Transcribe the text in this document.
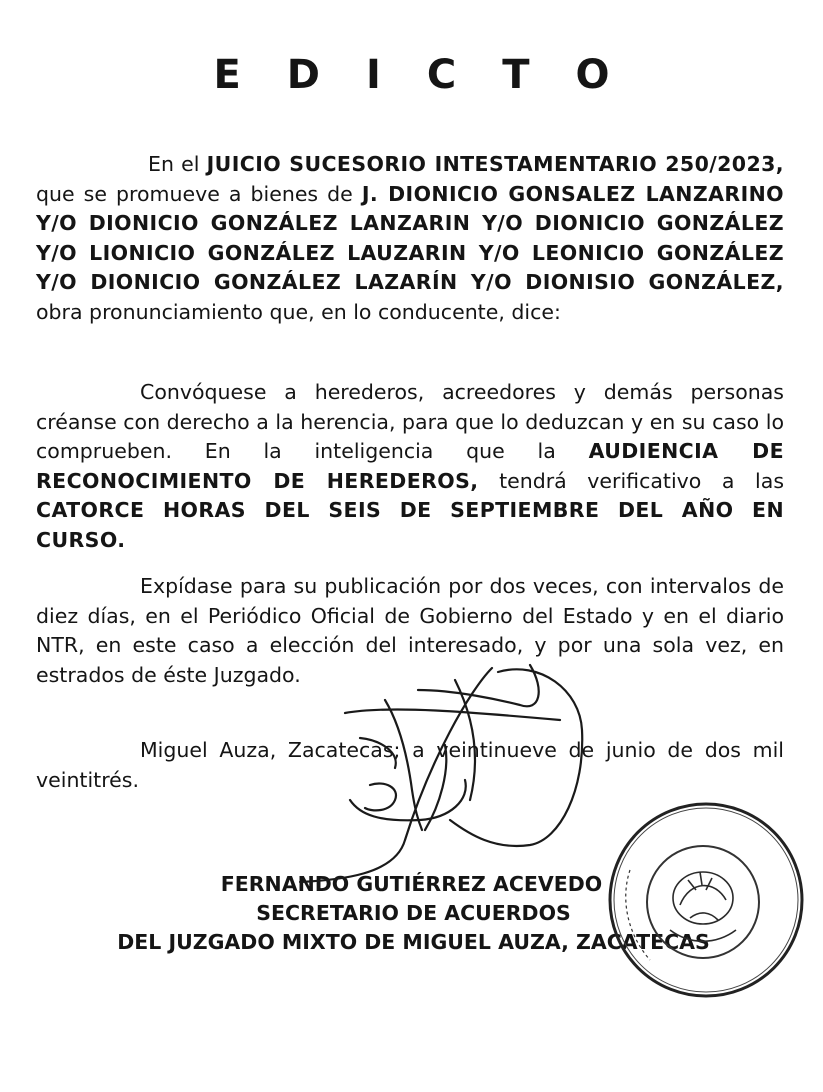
EDICTO
En el JUICIO SUCESORIO INTESTAMENTARIO 250/2023, que se promueve a bienes de J. DIONICIO GONSALEZ LANZARINO Y/O DIONICIO GONZÁLEZ LANZARIN Y/O DIONICIO GONZÁLEZ Y/O LIONICIO GONZÁLEZ LAUZARIN Y/O LEONICIO GONZÁLEZ Y/O DIONICIO GONZÁLEZ LAZARÍN Y/O DIONISIO GONZÁLEZ, obra pronunciamiento que, en lo conducente, dice:
Convóquese a herederos, acreedores y demás personas créanse con derecho a la herencia, para que lo deduzcan y en su caso lo comprueben. En la inteligencia que la AUDIENCIA DE RECONOCIMIENTO DE HEREDEROS, tendrá verificativo a las CATORCE HORAS DEL SEIS DE SEPTIEMBRE DEL AÑO EN CURSO.
Expídase para su publicación por dos veces, con intervalos de diez días, en el Periódico Oficial de Gobierno del Estado y en el diario NTR, en este caso a elección del interesado, y por una sola vez, en estrados de éste Juzgado.
Miguel Auza, Zacatecas; a veintinueve de junio de dos mil veintitrés.
FERNANDO GUTIÉRREZ ACEVEDO
SECRETARIO DE ACUERDOS
DEL JUZGADO MIXTO DE MIGUEL AUZA, ZACATECAS
